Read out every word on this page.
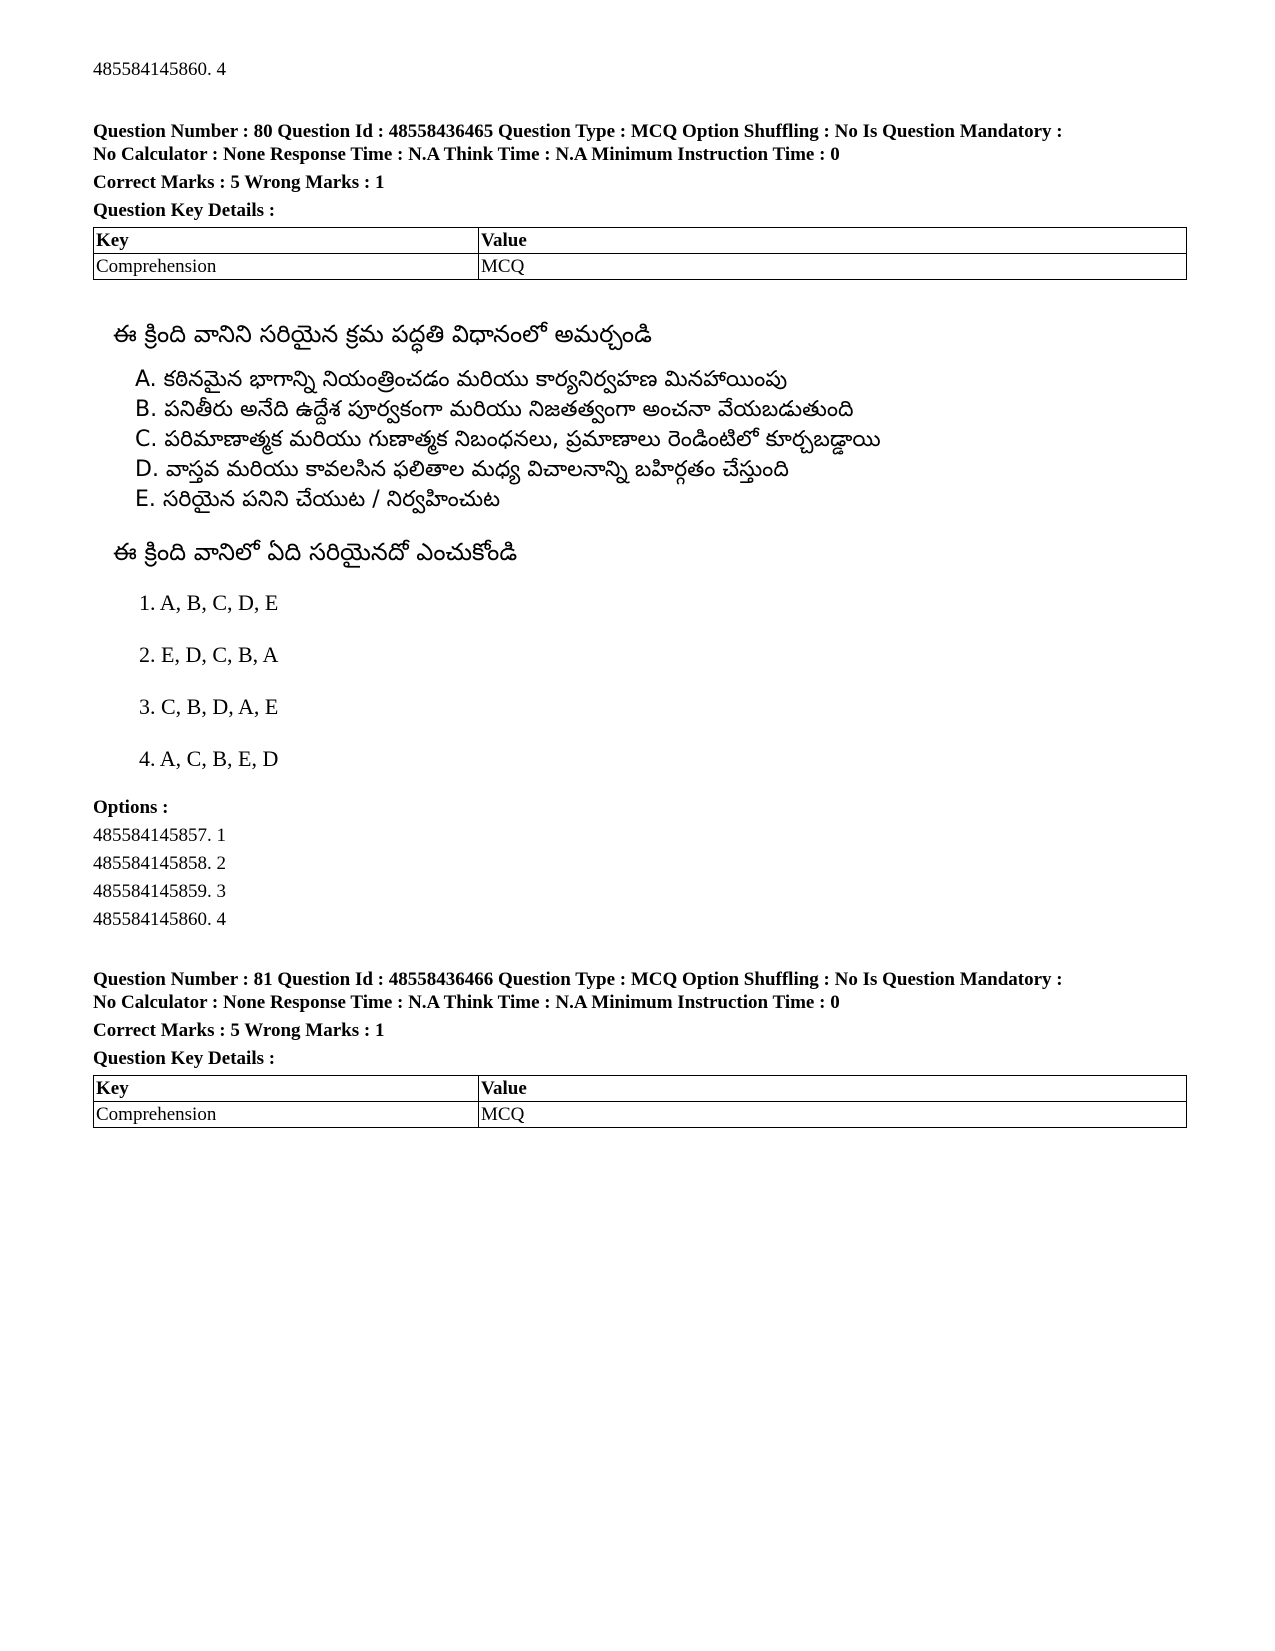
485584145860. 4
Question Number : 80 Question Id : 48558436465 Question Type : MCQ Option Shuffling : No Is Question Mandatory :
No Calculator : None Response Time : N.A Think Time : N.A Minimum Instruction Time : 0
Correct Marks : 5 Wrong Marks : 1
Question Key Details :
Key	Value
Comprehension	MCQ
ఈ క్రింది వానిని సరియైన క్రమ పద్ధతి విధానంలో అమర్చండి
A. కఠినమైన భాగాన్ని నియంత్రించడం మరియు కార్యనిర్వహణ మినహాయింపు
B. పనితీరు అనేది ఉద్దేశ పూర్వకంగా మరియు నిజతత్వంగా అంచనా వేయబడుతుంది
C. పరిమాణాత్మక మరియు గుణాత్మక నిబంధనలు, ప్రమాణాలు రెండింటిలో కూర్చబడ్డాయి
D. వాస్తవ మరియు కావలసిన ఫలితాల మధ్య విచాలనాన్ని బహిర్గతం చేస్తుంది
E. సరియైన పనిని చేయుట / నిర్వహించుట
ఈ క్రింది వానిలో ఏది సరియైనదో ఎంచుకోండి
1. A, B, C, D, E
2. E, D, C, B, A
3. C, B, D, A, E
4. A, C, B, E, D
Options :
485584145857. 1
485584145858. 2
485584145859. 3
485584145860. 4
Question Number : 81 Question Id : 48558436466 Question Type : MCQ Option Shuffling : No Is Question Mandatory :
No Calculator : None Response Time : N.A Think Time : N.A Minimum Instruction Time : 0
Correct Marks : 5 Wrong Marks : 1
Question Key Details :
Key	Value
Comprehension	MCQ
